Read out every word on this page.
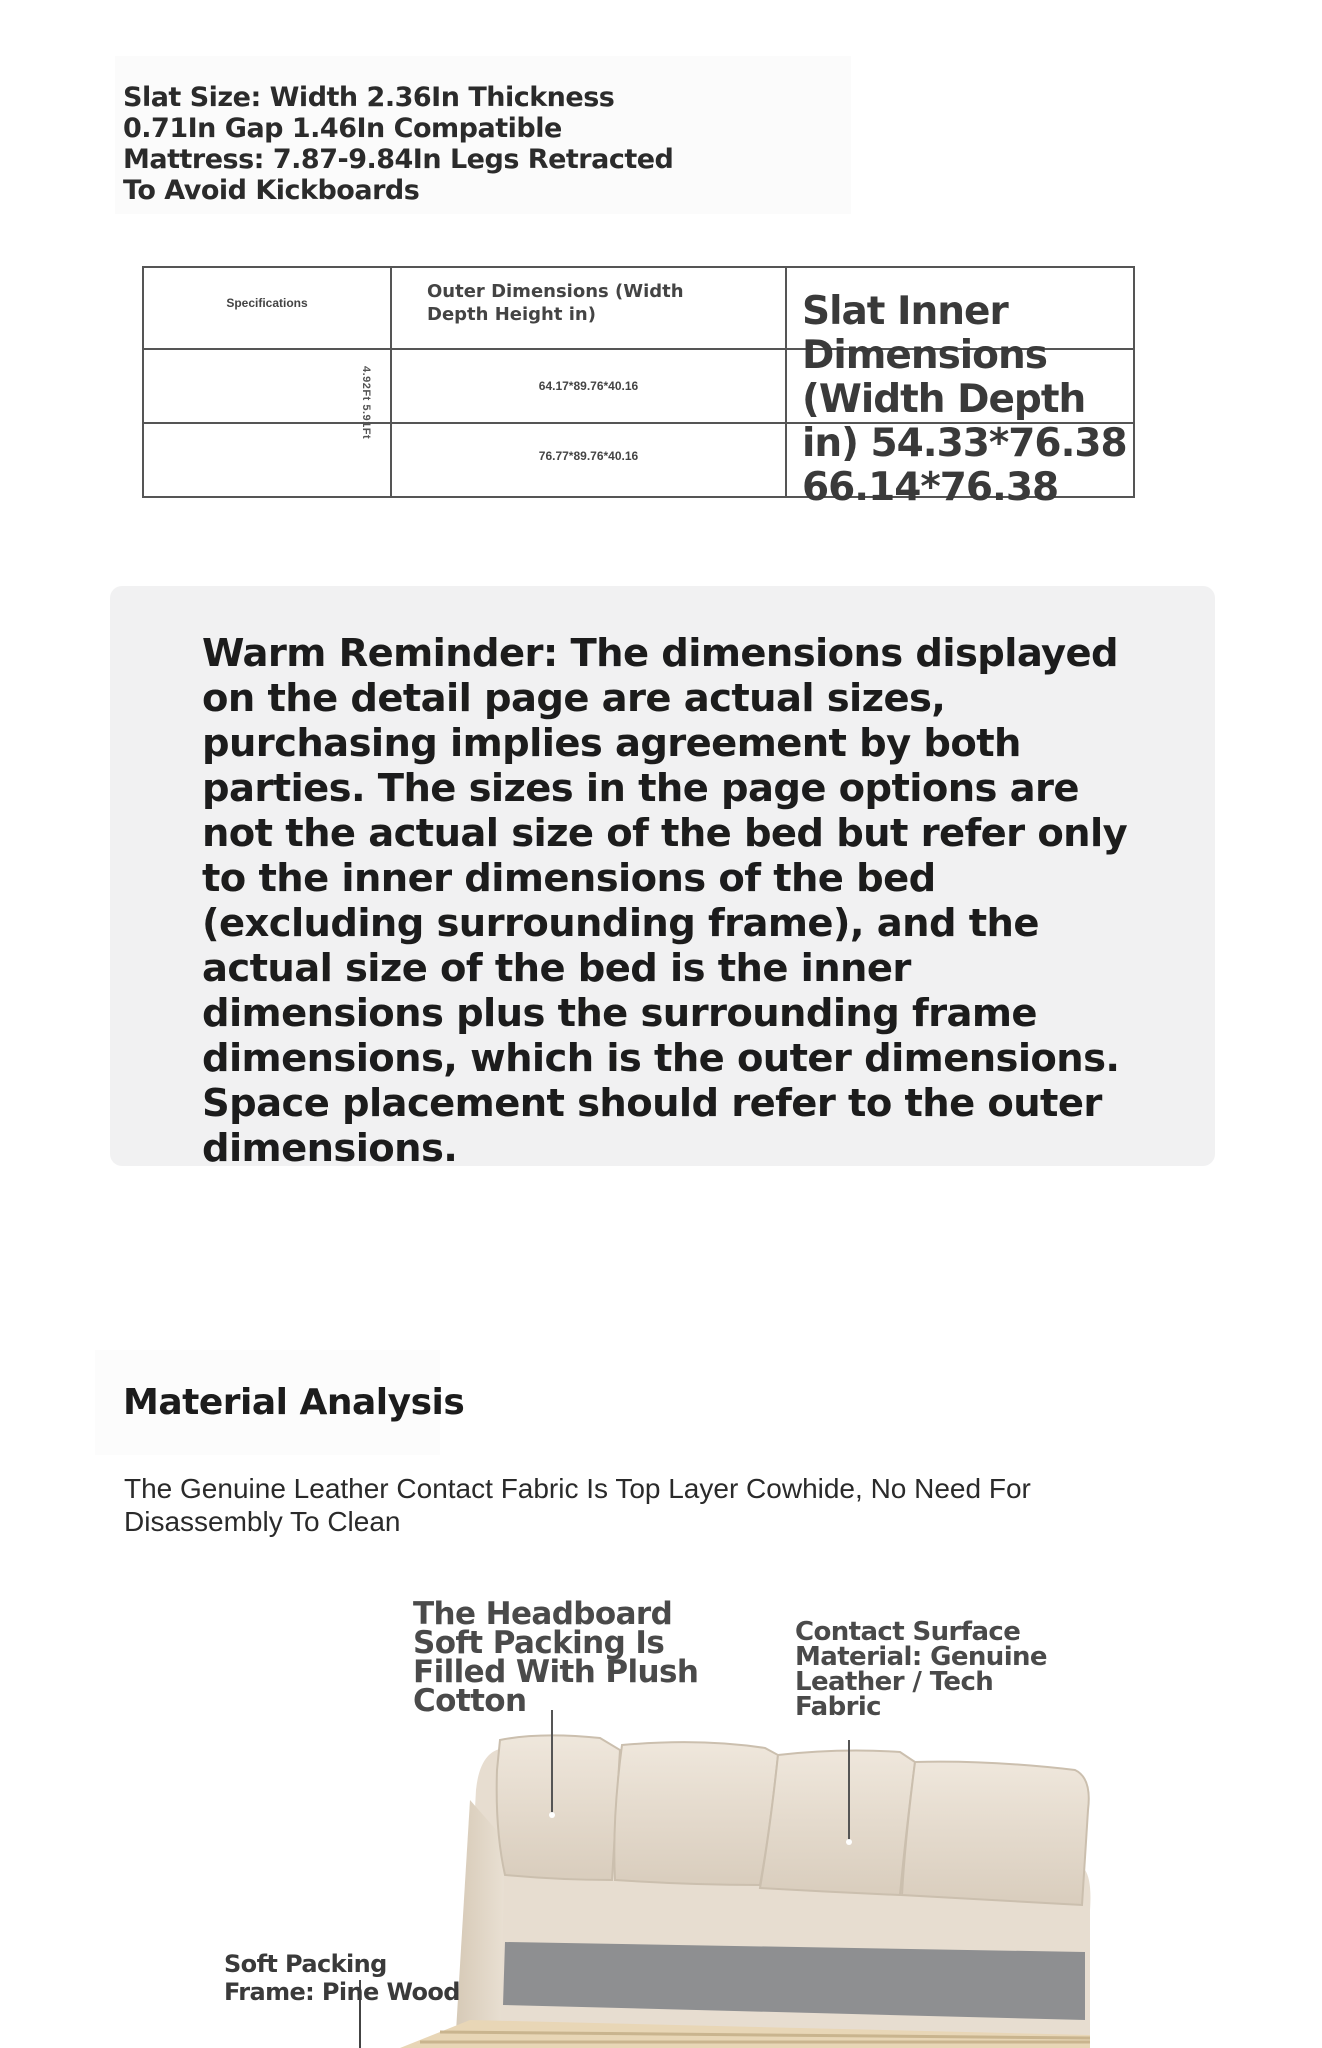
Slat Size: Width 2.36In Thickness
0.71In Gap 1.46In Compatible
Mattress: 7.87-9.84In Legs Retracted
To Avoid Kickboards
Specifications
Outer Dimensions (Width Depth Height in)
4.92Ft 5.91Ft	64.17*89.76*40.16
76.77*89.76*40.16
Slat Inner Dimensions (Width Depth in) 54.33*76.38 66.14*76.38
Warm Reminder: The dimensions displayed on the detail page are actual sizes, purchasing implies agreement by both parties. The sizes in the page options are not the actual size of the bed but refer only to the inner dimensions of the bed (excluding surrounding frame), and the actual size of the bed is the inner dimensions plus the surrounding frame dimensions, which is the outer dimensions. Space placement should refer to the outer dimensions.
Material Analysis
The Genuine Leather Contact Fabric Is Top Layer Cowhide, No Need For Disassembly To Clean
The Headboard Soft Packing Is Filled With Plush Cotton
Contact Surface Material: Genuine Leather / Tech Fabric
Soft Packing Frame: Pine Wood
